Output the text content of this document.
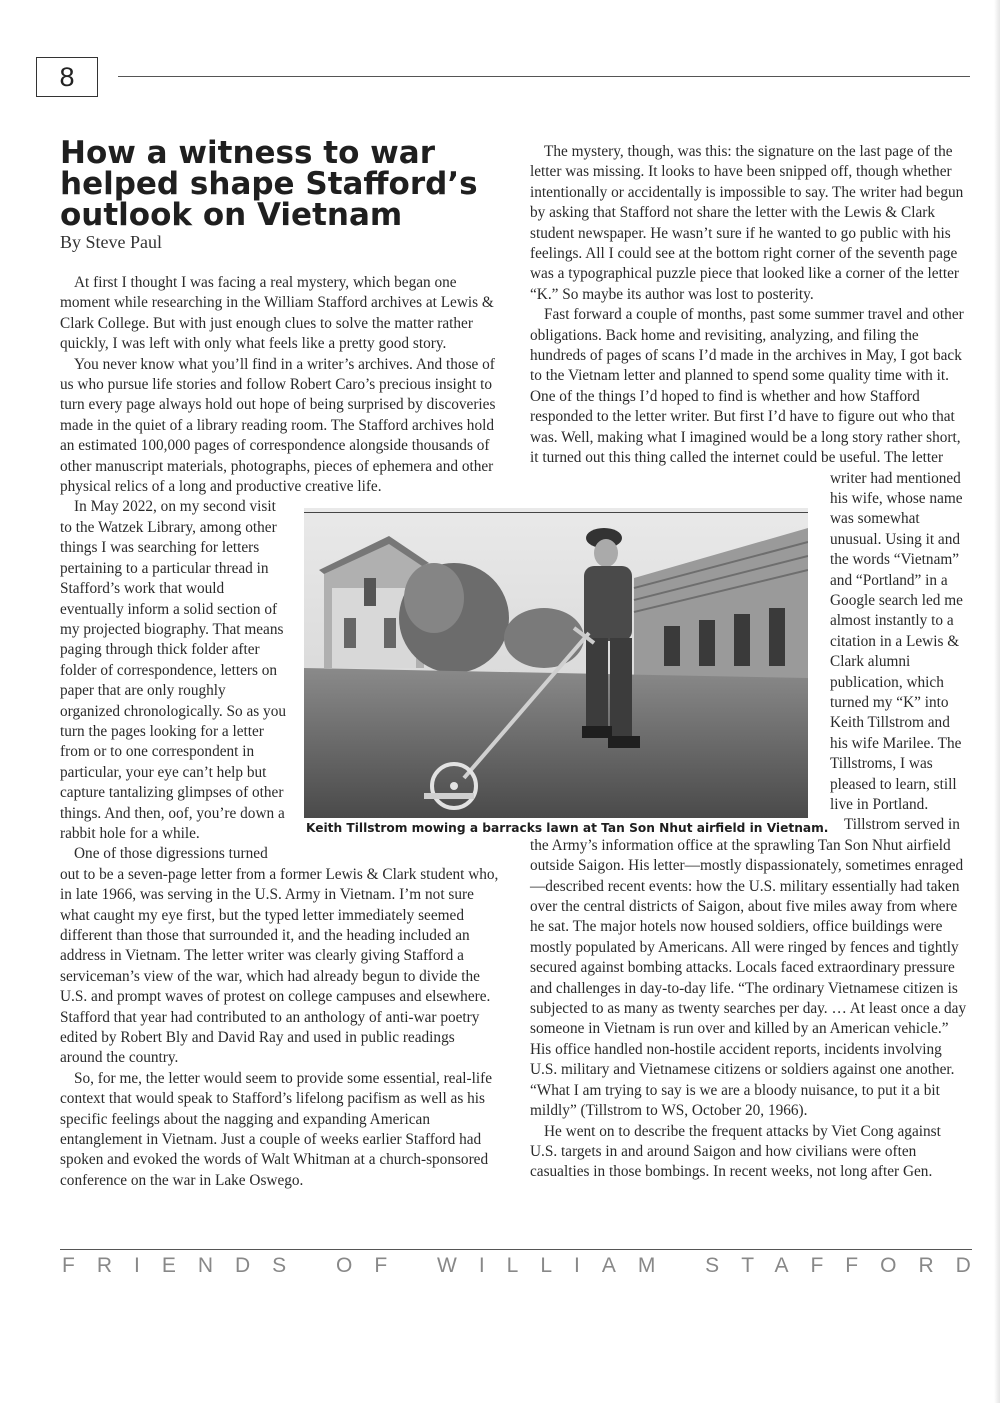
8
How a witness to war helped shape Stafford’s outlook on Vietnam
By Steve Paul

At first I thought I was facing a real mystery, which began one moment while researching in the William Stafford archives at Lewis & Clark College. But with just enough clues to solve the matter rather quickly, I was left with only what feels like a pretty good story.

You never know what you’ll find in a writer’s archives. And those of us who pursue life stories and follow Robert Caro’s precious insight to turn every page always hold out hope of being surprised by discoveries made in the quiet of a library reading room. The Stafford archives hold an estimated 100,000 pages of correspondence alongside thousands of other manuscript materials, photographs, pieces of ephemera and other physical relics of a long and productive creative life.

In May 2022, on my second visit to the Watzek Library, among other things I was searching for letters pertaining to a particular thread in Stafford’s work that would eventually inform a solid section of my projected biography. That means paging through thick folder after folder of correspondence, letters on paper that are only roughly organized chronologically. So as you turn the pages looking for a letter from or to one correspondent in particular, your eye can’t help but capture tantalizing glimpses of other things. And then, oof, you’re down a rabbit hole for a while.

One of those digressions turned out to be a seven-page letter from a former Lewis & Clark student who, in late 1966, was serving in the U.S. Army in Vietnam. I’m not sure what caught my eye first, but the typed letter immediately seemed different than those that surrounded it, and the heading included an address in Vietnam. The letter writer was clearly giving Stafford a serviceman’s view of the war, which had already begun to divide the U.S. and prompt waves of protest on college campuses and elsewhere. Stafford that year had contributed to an anthology of anti-war poetry edited by Robert Bly and David Ray and used in public readings around the country.

So, for me, the letter would seem to provide some essential, real-life context that would speak to Stafford’s lifelong pacifism as well as his specific feelings about the nagging and expanding American entanglement in Vietnam. Just a couple of weeks earlier Stafford had spoken and evoked the words of Walt Whitman at a church-sponsored conference on the war in Lake Oswego.

The mystery, though, was this: the signature on the last page of the letter was missing. It looks to have been snipped off, though whether intentionally or accidentally is impossible to say. The writer had begun by asking that Stafford not share the letter with the Lewis & Clark student newspaper. He wasn’t sure if he wanted to go public with his feelings. All I could see at the bottom right corner of the seventh page was a typographical puzzle piece that looked like a corner of the letter “K.” So maybe its author was lost to posterity.

Fast forward a couple of months, past some summer travel and other obligations. Back home and revisiting, analyzing, and filing the hundreds of pages of scans I’d made in the archives in May, I got back to the Vietnam letter and planned to spend some quality time with it. One of the things I’d hoped to find is whether and how Stafford responded to the letter writer. But first I’d have to figure out who that was. Well, making what I imagined would be a long story rather short, it turned out this thing called the internet could be useful. The letter writer had mentioned his wife, whose name was somewhat unusual. Using it and the words “Vietnam” and “Portland” in a Google search led me almost instantly to a citation in a Lewis & Clark alumni publication, which turned my “K” into Keith Tillstrom and his wife Marilee. The Tillstroms, I was pleased to learn, still live in Portland.

Tillstrom served in the Army’s information office at the sprawling Tan Son Nhut airfield outside Saigon. His letter—mostly dispassionately, sometimes enraged—described recent events: how the U.S. military essentially had taken over the central districts of Saigon, about five miles away from where he sat. The major hotels now housed soldiers, office buildings were mostly populated by Americans. All were ringed by fences and tightly secured against bombing attacks. Locals faced extraordinary pressure and challenges in day-to-day life. “The ordinary Vietnamese citizen is subjected to as many as twenty searches per day. … At least once a day someone in Vietnam is run over and killed by an American vehicle.” His office handled non-hostile accident reports, incidents involving U.S. military and Vietnamese citizens or soldiers against one another. “What I am trying to say is we are a bloody nuisance, to put it a bit mildly” (Tillstrom to WS, October 20, 1966).

He went on to describe the frequent attacks by Viet Cong against U.S. targets in and around Saigon and how civilians were often casualties in those bombings. In recent weeks, not long after Gen.

Keith Tillstrom mowing a barracks lawn at Tan Son Nhut airfield in Vietnam.
FRIENDS OF WILLIAM STAFFORD
